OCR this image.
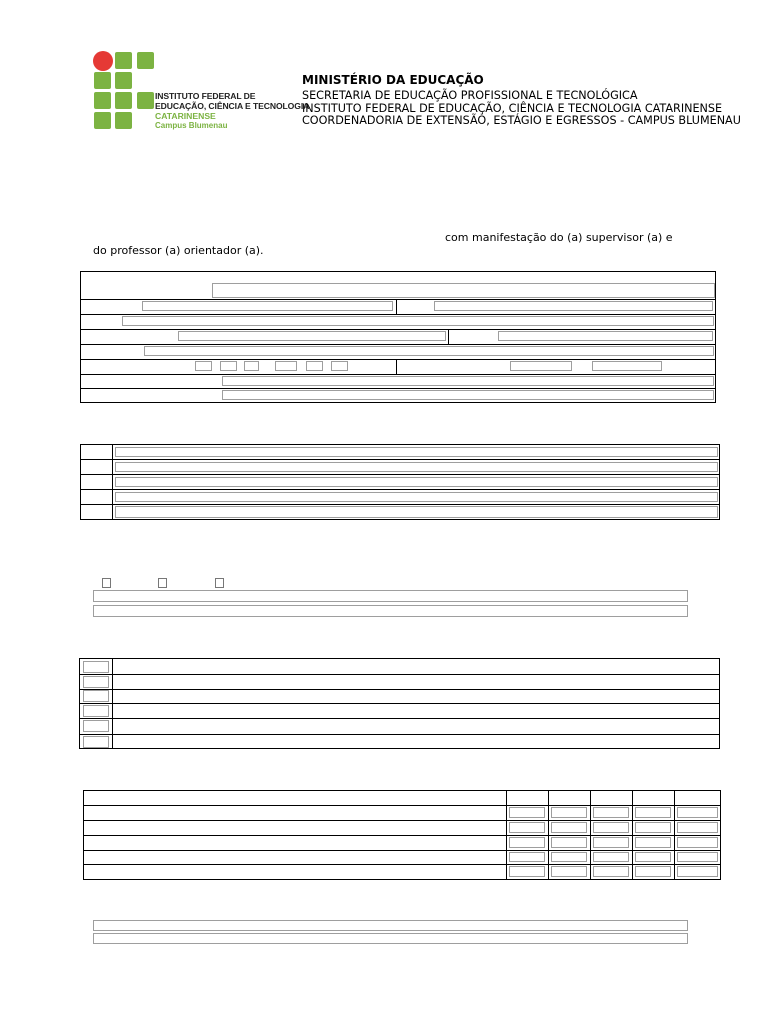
INSTITUTO FEDERAL DE
EDUCAÇÃO, CIÊNCIA E TECNOLOGIA
CATARINENSE
Campus Blumenau
MINISTÉRIO DA EDUCAÇÃO
SECRETARIA DE EDUCAÇÃO PROFISSIONAL E TECNOLÓGICA
INSTITUTO FEDERAL DE EDUCAÇÃO, CIÊNCIA E TECNOLOGIA CATARINENSE
COORDENADORIA DE EXTENSÃO, ESTÁGIO E EGRESSOS - CAMPUS BLUMENAU
com manifestação do (a) supervisor (a) e
do professor (a) orientador (a).
